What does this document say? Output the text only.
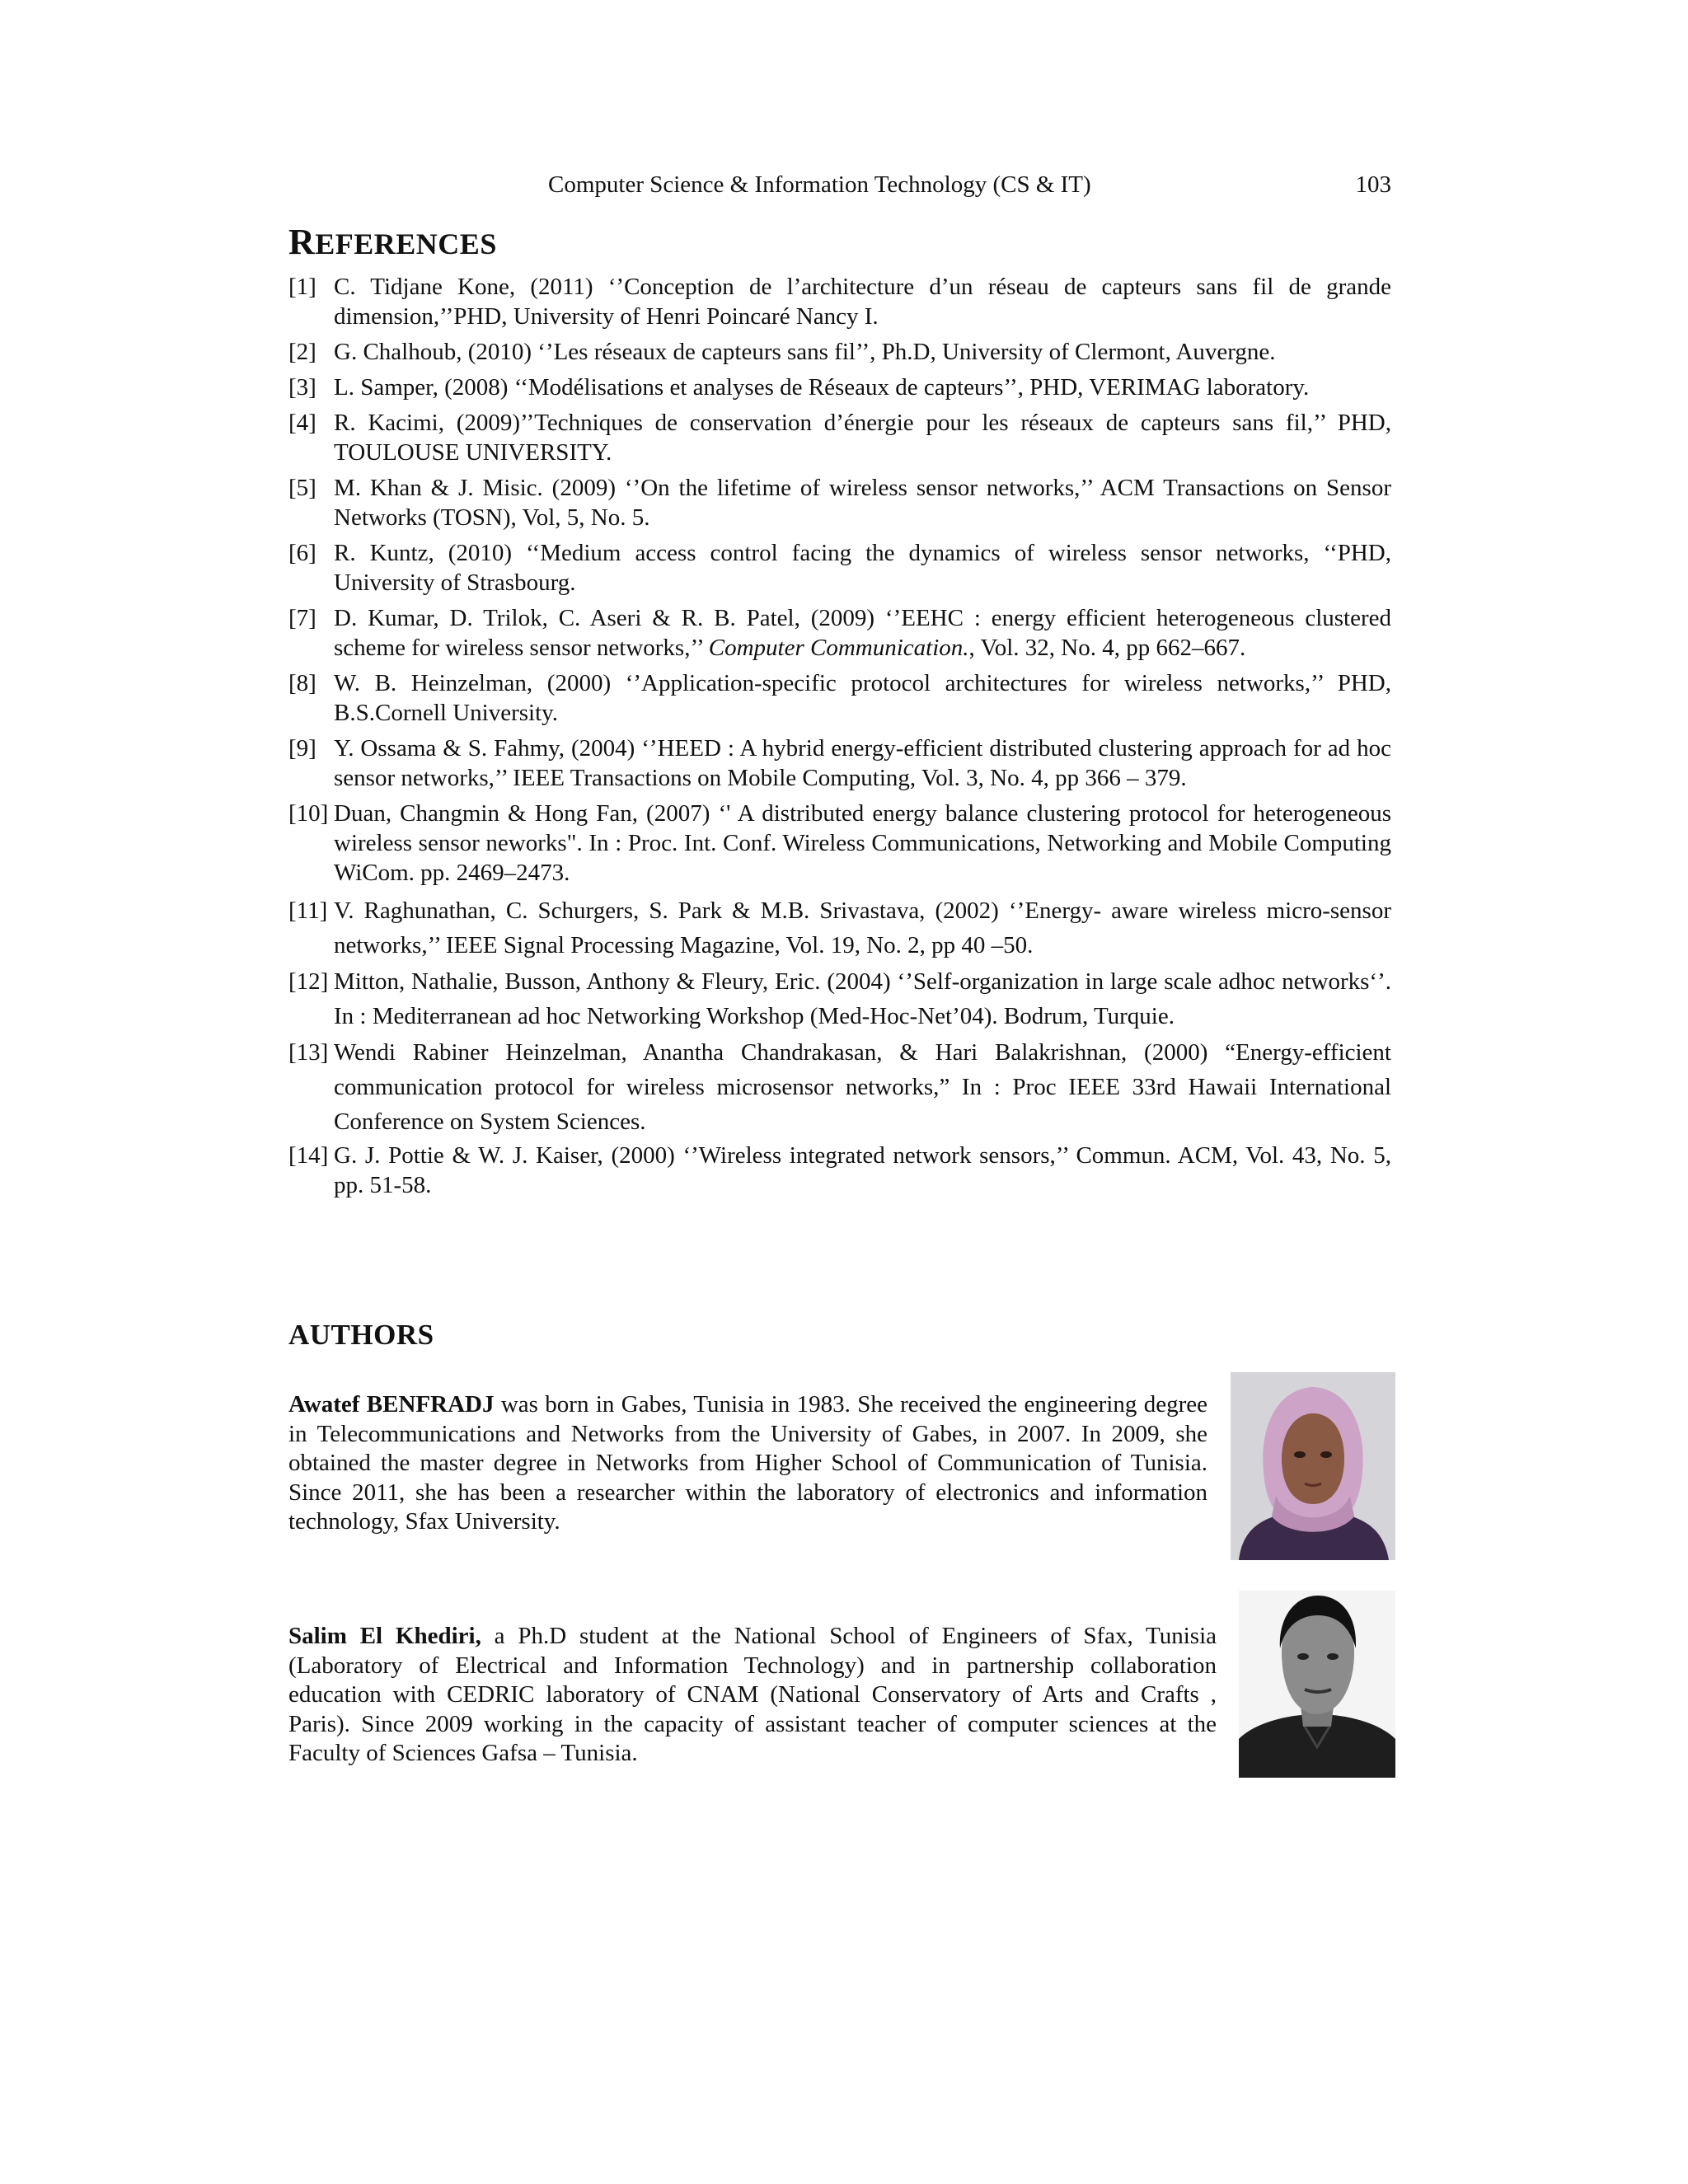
Computer Science & Information Technology (CS & IT)	103
REFERENCES
[1] C. Tidjane Kone, (2011) ‘’Conception de l’architecture d’un réseau de capteurs sans fil de grande dimension,’’PHD, University of Henri Poincaré Nancy I.
[2] G. Chalhoub, (2010) ‘’Les réseaux de capteurs sans fil’’, Ph.D, University of Clermont, Auvergne.
[3] L. Samper, (2008) ‘‘Modélisations et analyses de Réseaux de capteurs’’, PHD, VERIMAG laboratory.
[4] R. Kacimi, (2009)’’Techniques de conservation d’énergie pour les réseaux de capteurs sans fil,’’ PHD, TOULOUSE UNIVERSITY.
[5] M. Khan & J. Misic. (2009) ‘’On the lifetime of wireless sensor networks,’’ ACM Transactions on Sensor Networks (TOSN), Vol, 5, No. 5.
[6] R. Kuntz, (2010) ‘‘Medium access control facing the dynamics of wireless sensor networks, ‘‘PHD, University of Strasbourg.
[7] D. Kumar, D. Trilok, C. Aseri & R. B. Patel, (2009) ‘’EEHC : energy efficient heterogeneous clustered scheme for wireless sensor networks,’’ Computer Communication., Vol. 32, No. 4, pp 662–667.
[8] W. B. Heinzelman, (2000) ‘’Application-specific protocol architectures for wireless networks,’’ PHD, B.S.Cornell University.
[9] Y. Ossama & S. Fahmy, (2004) ‘’HEED : A hybrid energy-efficient distributed clustering approach for ad hoc sensor networks,’’ IEEE Transactions on Mobile Computing, Vol. 3, No. 4, pp 366 – 379.
[10] Duan, Changmin & Hong Fan, (2007) ‘' A distributed energy balance clustering protocol for heterogeneous wireless sensor neworks". In : Proc. Int. Conf. Wireless Communications, Networking and Mobile Computing WiCom. pp. 2469–2473.
[11] V. Raghunathan, C. Schurgers, S. Park & M.B. Srivastava, (2002) ‘’Energy- aware wireless micro-sensor networks,’’ IEEE Signal Processing Magazine, Vol. 19, No. 2, pp 40 –50.
[12] Mitton, Nathalie, Busson, Anthony & Fleury, Eric. (2004) ‘’Self-organization in large scale adhoc networks‘’. In : Mediterranean ad hoc Networking Workshop (Med-Hoc-Net’04). Bodrum, Turquie.
[13] Wendi Rabiner Heinzelman, Anantha Chandrakasan, & Hari Balakrishnan, (2000) “Energy-efficient communication protocol for wireless microsensor networks,” In : Proc IEEE 33rd Hawaii International Conference on System Sciences.
[14] G. J. Pottie & W. J. Kaiser, (2000) ‘’Wireless integrated network sensors,’’ Commun. ACM, Vol. 43, No. 5, pp. 51-58.
AUTHORS
Awatef BENFRADJ was born in Gabes, Tunisia in 1983. She received the engineering degree in Telecommunications and Networks from the University of Gabes, in 2007. In 2009, she obtained the master degree in Networks from Higher School of Communication of Tunisia. Since 2011, she has been a researcher within the laboratory of electronics and information technology, Sfax University.
Salim El Khediri, a Ph.D student at the National School of Engineers of Sfax, Tunisia (Laboratory of Electrical and Information Technology) and in partnership collaboration education with CEDRIC laboratory of CNAM (National Conservatory of Arts and Crafts , Paris). Since 2009 working in the capacity of assistant teacher of computer sciences at the Faculty of Sciences Gafsa – Tunisia.
